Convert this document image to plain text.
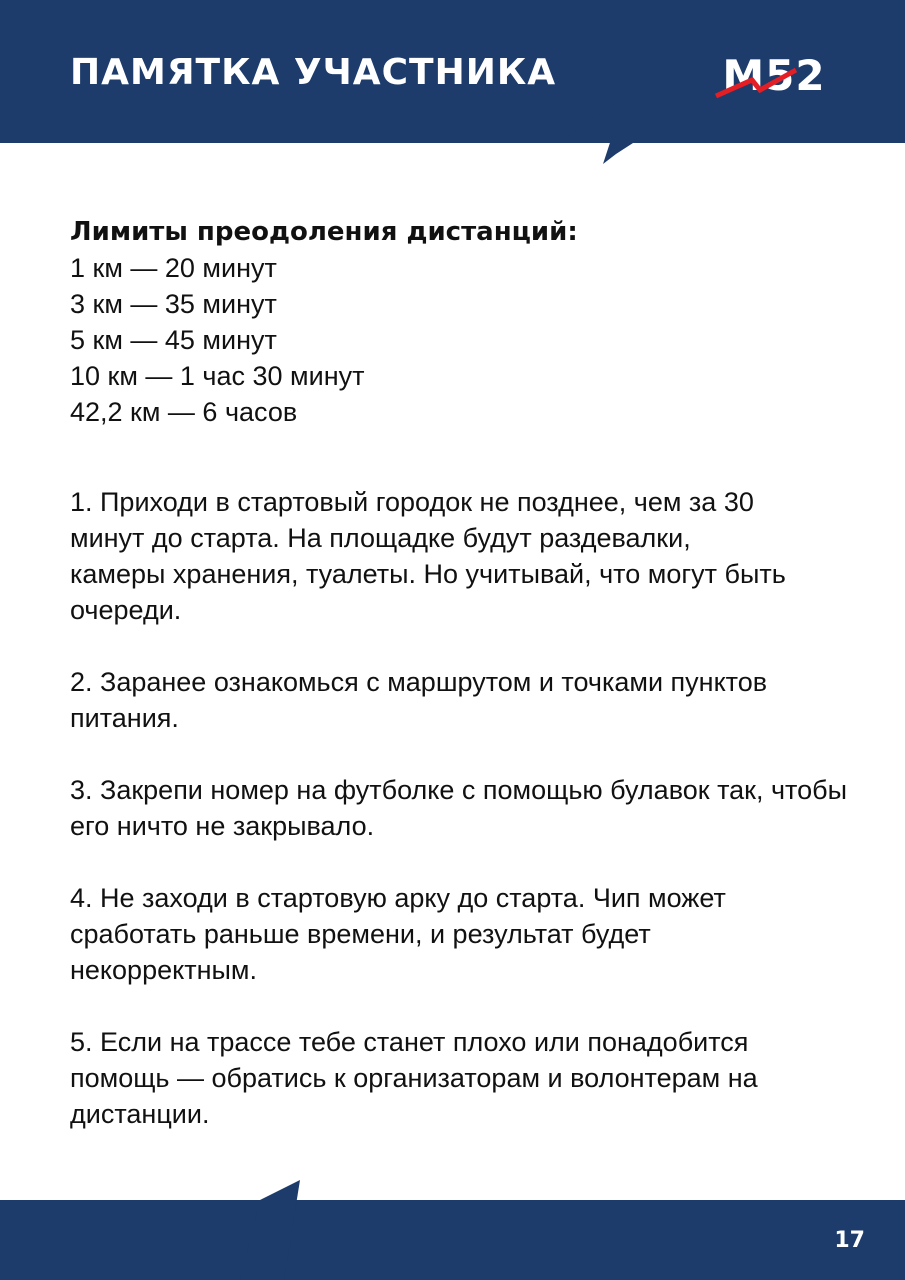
ПАМЯТКА УЧАСТНИКА	М52
Лимиты преодоления дистанций:
1 км — 20 минут
3 км — 35 минут
5 км — 45 минут
10 км — 1 час 30 минут
42,2 км — 6 часов

1. Приходи в стартовый городок не позднее, чем за 30 минут до старта. На площадке будут раздевалки, камеры хранения, туалеты. Но учитывай, что могут быть очереди.

2. Заранее ознакомься с маршрутом и точками пунктов питания.

3. Закрепи номер на футболке с помощью булавок так, чтобы его ничто не закрывало.

4. Не заходи в стартовую арку до старта. Чип может сработать раньше времени, и результат будет некорректным.

5. Если на трассе тебе станет плохо или понадобится помощь — обратись к организаторам и волонтерам на дистанции.

17
